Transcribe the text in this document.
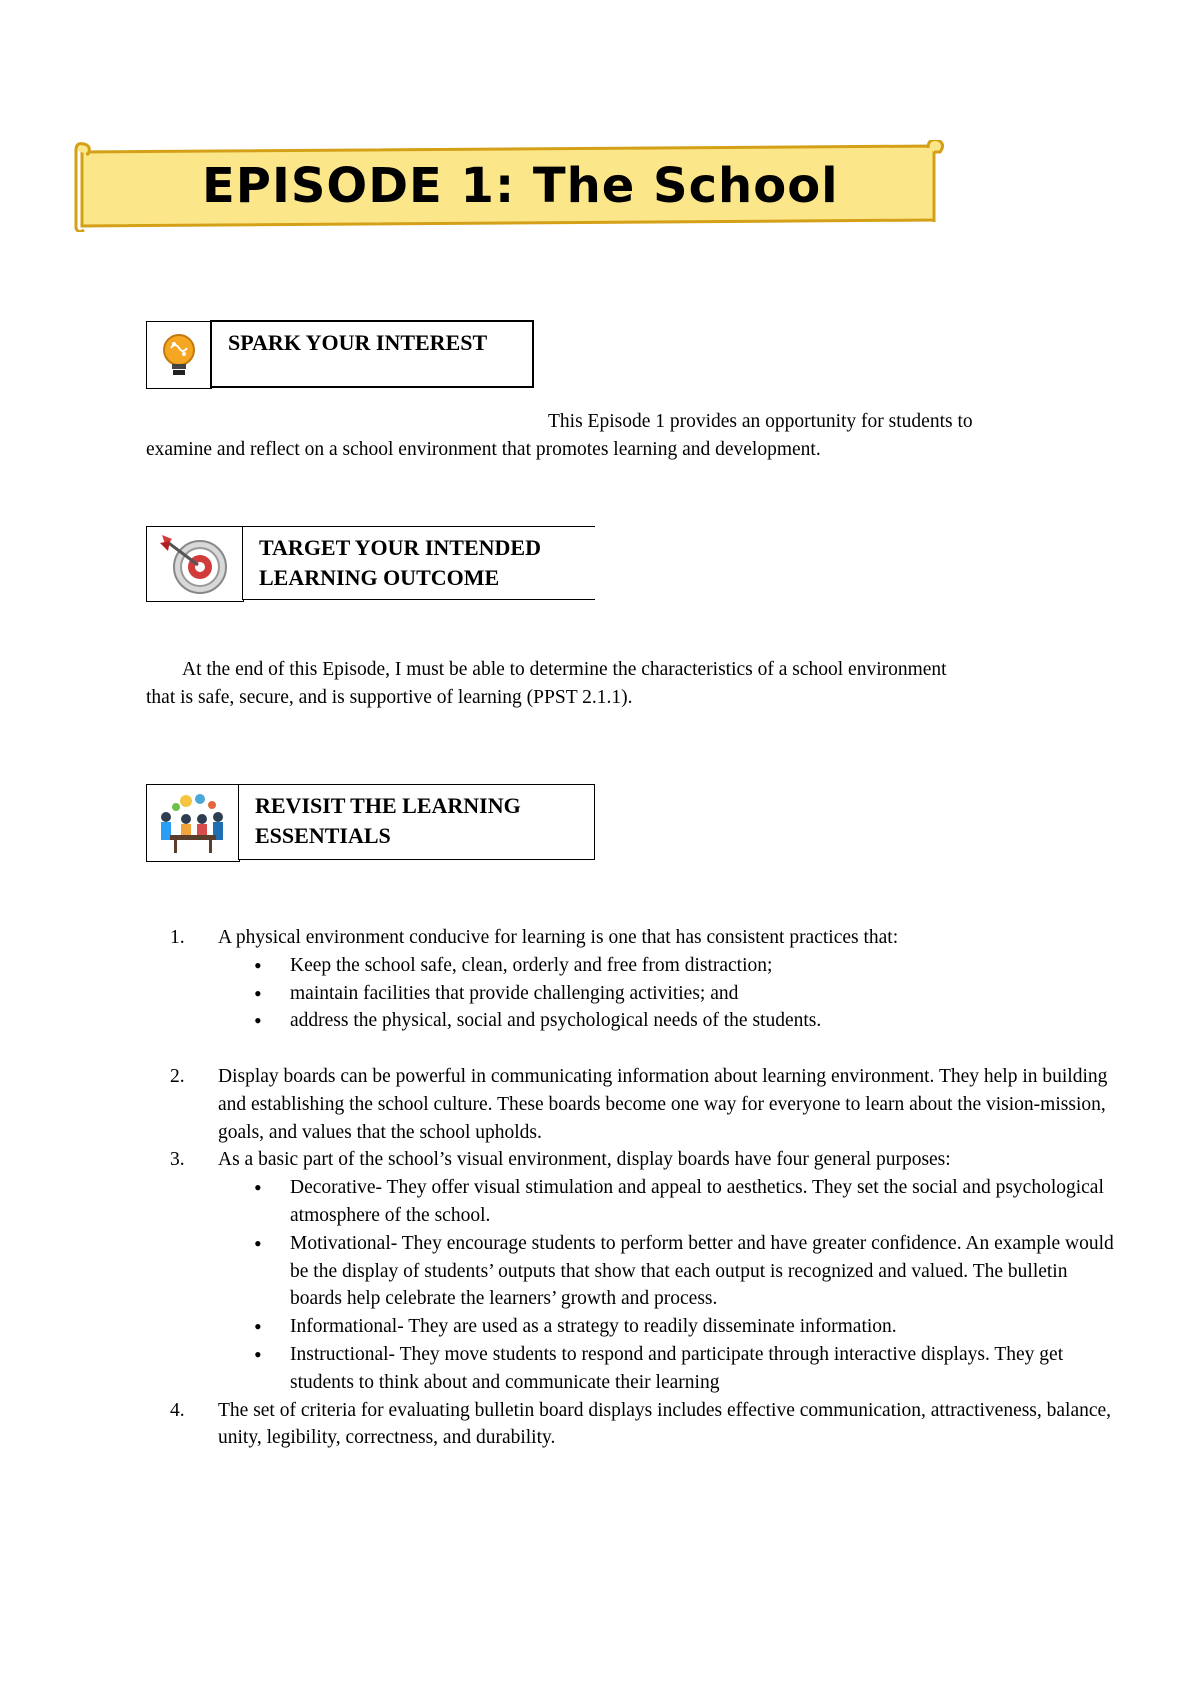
EPISODE 1: The School
SPARK YOUR INTEREST
This Episode 1 provides an opportunity for students to
examine and reflect on a school environment that promotes learning and development.
TARGET YOUR INTENDED
LEARNING OUTCOME
At the end of this Episode, I must be able to determine the characteristics of a school environment
that is safe, secure, and is supportive of learning (PPST 2.1.1).
REVISIT THE LEARNING
ESSENTIALS
1.	A physical environment conducive for learning is one that has consistent practices that:
• Keep the school safe, clean, orderly and free from distraction;
• maintain facilities that provide challenging activities; and
• address the physical, social and psychological needs of the students.
2.	Display boards can be powerful in communicating information about learning environment. They help in building and establishing the school culture. These boards become one way for everyone to learn about the vision-mission, goals, and values that the school upholds.
3.	As a basic part of the school’s visual environment, display boards have four general purposes:
• Decorative- They offer visual stimulation and appeal to aesthetics. They set the social and psychological atmosphere of the school.
• Motivational- They encourage students to perform better and have greater confidence. An example would be the display of students’ outputs that show that each output is recognized and valued. The bulletin boards help celebrate the learners’ growth and process.
• Informational- They are used as a strategy to readily disseminate information.
• Instructional- They move students to respond and participate through interactive displays. They get students to think about and communicate their learning
4.	The set of criteria for evaluating bulletin board displays includes effective communication, attractiveness, balance, unity, legibility, correctness, and durability.
